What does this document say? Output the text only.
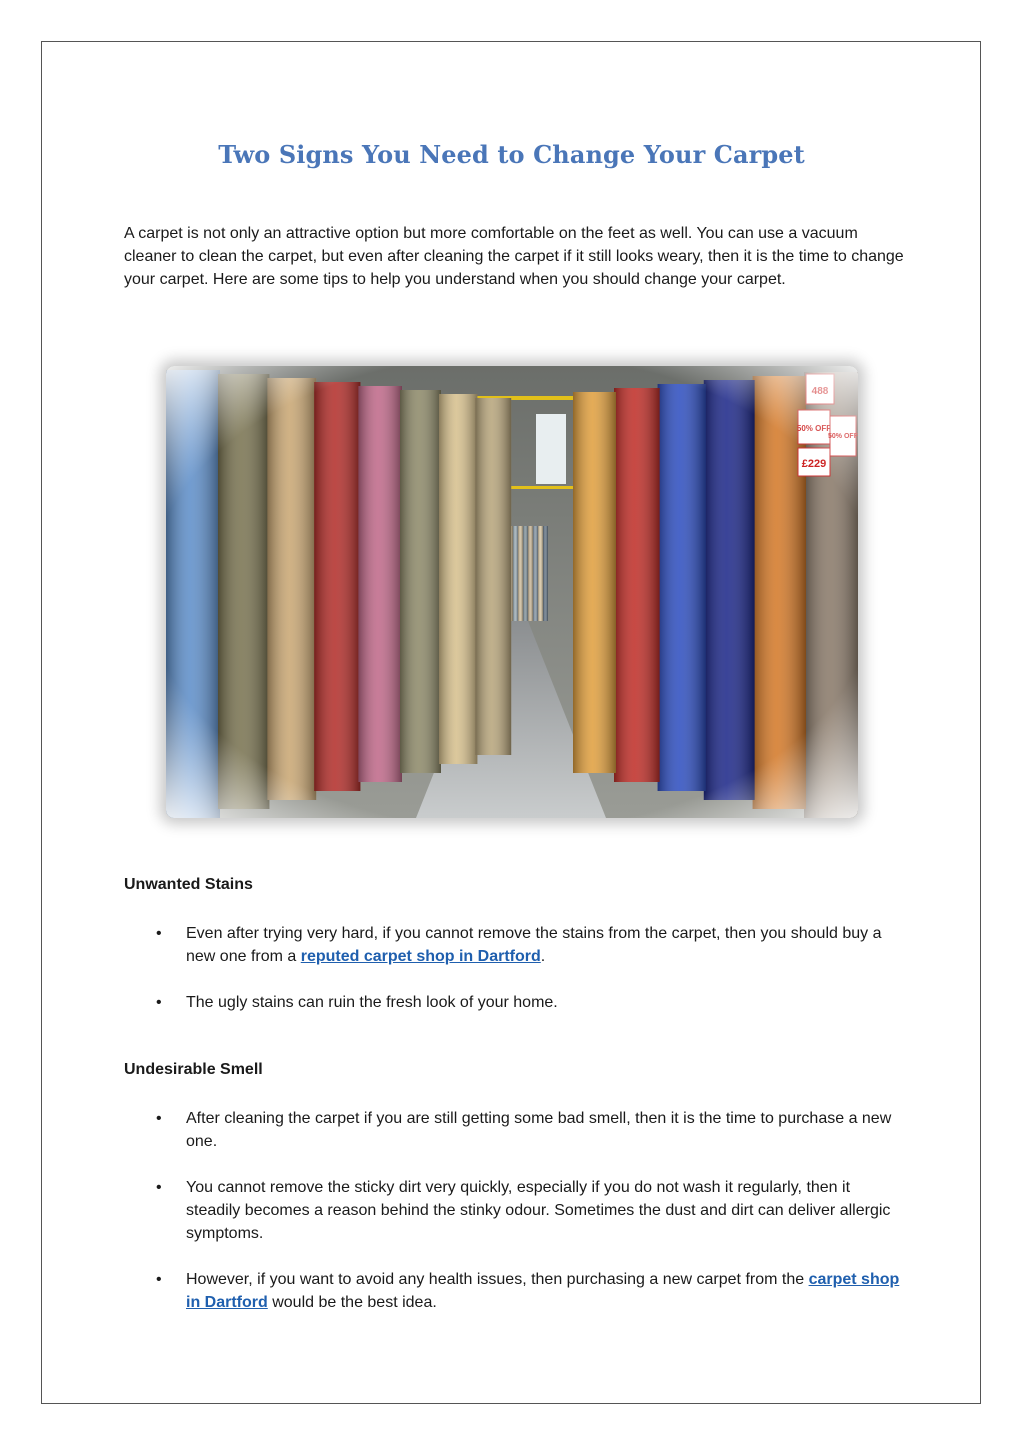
Two Signs You Need to Change Your Carpet

A carpet is not only an attractive option but more comfortable on the feet as well. You can use a vacuum cleaner to clean the carpet, but even after cleaning the carpet if it still looks weary, then it is the time to change your carpet. Here are some tips to help you understand when you should change your carpet.

Unwanted Stains
• Even after trying very hard, if you cannot remove the stains from the carpet, then you should buy a new one from a reputed carpet shop in Dartford.
• The ugly stains can ruin the fresh look of your home.
Undesirable Smell
• After cleaning the carpet if you are still getting some bad smell, then it is the time to purchase a new one.
• You cannot remove the sticky dirt very quickly, especially if you do not wash it regularly, then it steadily becomes a reason behind the stinky odour. Sometimes the dust and dirt can deliver allergic symptoms.
• However, if you want to avoid any health issues, then purchasing a new carpet from the carpet shop in Dartford would be the best idea.
